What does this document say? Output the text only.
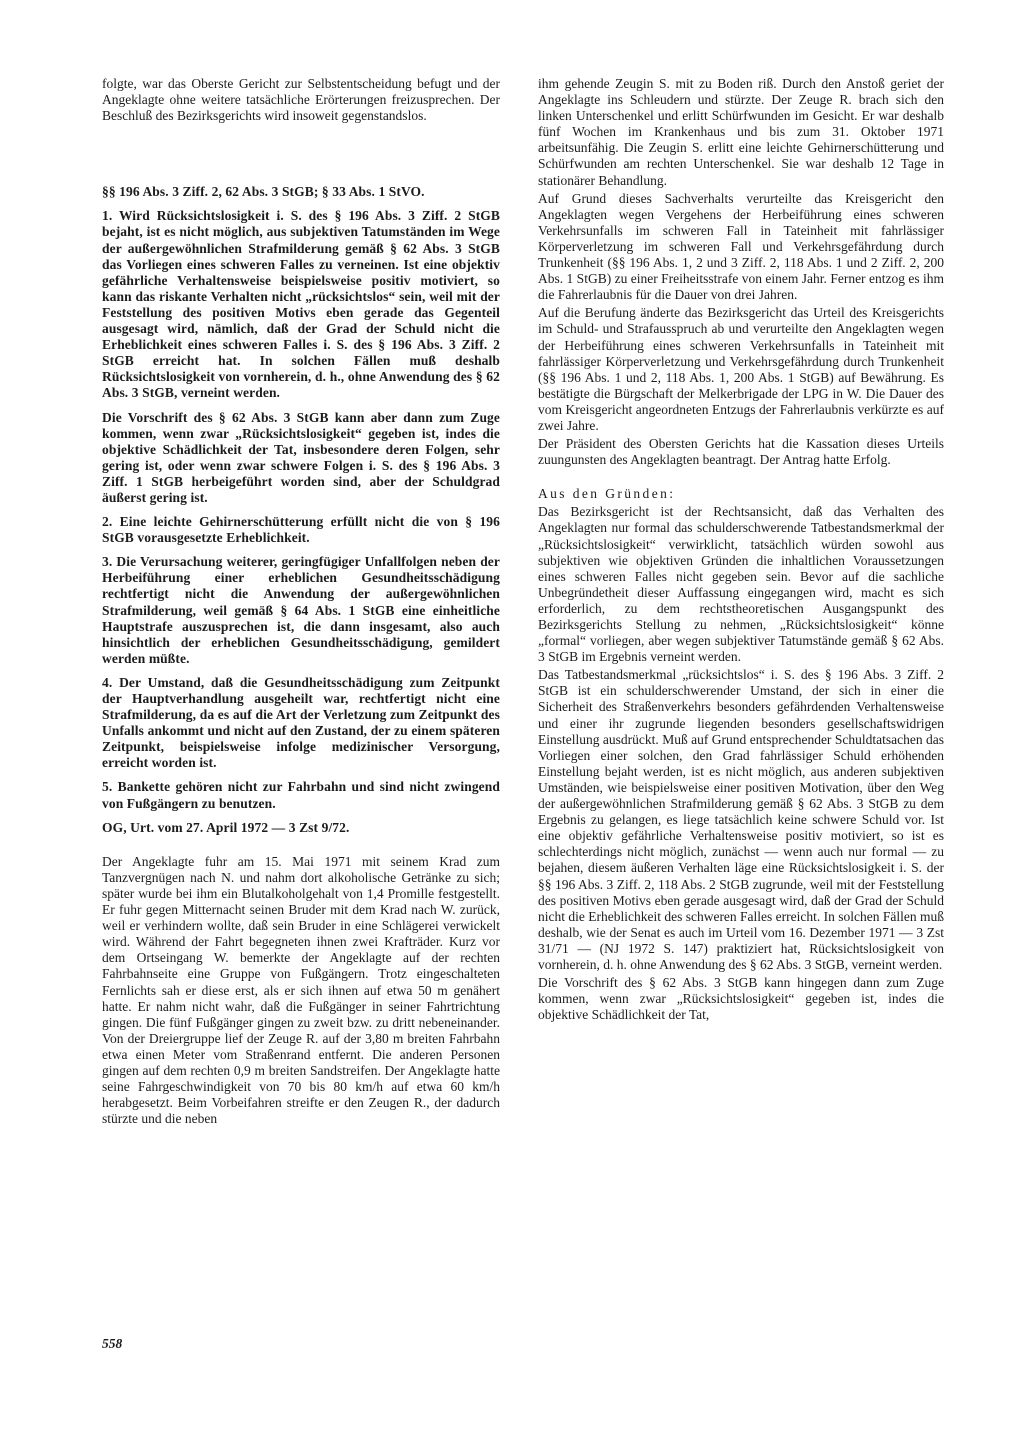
folgte, war das Oberste Gericht zur Selbstentscheidung befugt und der Angeklagte ohne weitere tatsächliche Erörterungen freizusprechen. Der Beschluß des Bezirksgerichts wird insoweit gegenstandslos.

§§ 196 Abs. 3 Ziff. 2, 62 Abs. 3 StGB; § 33 Abs. 1 StVO.

1. Wird Rücksichtslosigkeit i. S. des § 196 Abs. 3 Ziff. 2 StGB bejaht, ist es nicht möglich, aus subjektiven Tatumständen im Wege der außergewöhnlichen Strafmilderung gemäß § 62 Abs. 3 StGB das Vorliegen eines schweren Falles zu verneinen. Ist eine objektiv gefährliche Verhaltensweise beispielsweise positiv motiviert, so kann das riskante Verhalten nicht „rücksichtslos“ sein, weil mit der Feststellung des positiven Motivs eben gerade das Gegenteil ausgesagt wird, nämlich, daß der Grad der Schuld nicht die Erheblichkeit eines schweren Falles i. S. des § 196 Abs. 3 Ziff. 2 StGB erreicht hat. In solchen Fällen muß deshalb Rücksichtslosigkeit von vornherein, d. h., ohne Anwendung des § 62 Abs. 3 StGB, verneint werden.

Die Vorschrift des § 62 Abs. 3 StGB kann aber dann zum Zuge kommen, wenn zwar „Rücksichtslosigkeit“ gegeben ist, indes die objektive Schädlichkeit der Tat, insbesondere deren Folgen, sehr gering ist, oder wenn zwar schwere Folgen i. S. des § 196 Abs. 3 Ziff. 1 StGB herbeigeführt worden sind, aber der Schuldgrad äußerst gering ist.

2. Eine leichte Gehirnerschütterung erfüllt nicht die von § 196 StGB vorausgesetzte Erheblichkeit.

3. Die Verursachung weiterer, geringfügiger Unfallfolgen neben der Herbeiführung einer erheblichen Gesundheitsschädigung rechtfertigt nicht die Anwendung der außergewöhnlichen Strafmilderung, weil gemäß § 64 Abs. 1 StGB eine einheitliche Hauptstrafe auszusprechen ist, die dann insgesamt, also auch hinsichtlich der erheblichen Gesundheitsschädigung, gemildert werden müßte.

4. Der Umstand, daß die Gesundheitsschädigung zum Zeitpunkt der Hauptverhandlung ausgeheilt war, rechtfertigt nicht eine Strafmilderung, da es auf die Art der Verletzung zum Zeitpunkt des Unfalls ankommt und nicht auf den Zustand, der zu einem späteren Zeitpunkt, beispielsweise infolge medizinischer Versorgung, erreicht worden ist.

5. Bankette gehören nicht zur Fahrbahn und sind nicht zwingend von Fußgängern zu benutzen.

OG, Urt. vom 27. April 1972 — 3 Zst 9/72.

Der Angeklagte fuhr am 15. Mai 1971 mit seinem Krad zum Tanzvergnügen nach N. und nahm dort alkoholische Getränke zu sich; später wurde bei ihm ein Blutalkoholgehalt von 1,4 Promille festgestellt. Er fuhr gegen Mitternacht seinen Bruder mit dem Krad nach W. zurück, weil er verhindern wollte, daß sein Bruder in eine Schlägerei verwickelt wird. Während der Fahrt begegneten ihnen zwei Krafträder. Kurz vor dem Ortseingang W. bemerkte der Angeklagte auf der rechten Fahrbahnseite eine Gruppe von Fußgängern. Trotz eingeschalteten Fernlichts sah er diese erst, als er sich ihnen auf etwa 50 m genähert hatte. Er nahm nicht wahr, daß die Fußgänger in seiner Fahrtrichtung gingen. Die fünf Fußgänger gingen zu zweit bzw. zu dritt nebeneinander. Von der Dreiergruppe lief der Zeuge R. auf der 3,80 m breiten Fahrbahn etwa einen Meter vom Straßenrand entfernt. Die anderen Personen gingen auf dem rechten 0,9 m breiten Sandstreifen. Der Angeklagte hatte seine Fahrgeschwindigkeit von 70 bis 80 km/h auf etwa 60 km/h herabgesetzt. Beim Vorbeifahren streifte er den Zeugen R., der dadurch stürzte und die neben

ihm gehende Zeugin S. mit zu Boden riß. Durch den Anstoß geriet der Angeklagte ins Schleudern und stürzte. Der Zeuge R. brach sich den linken Unterschenkel und erlitt Schürfwunden im Gesicht. Er war deshalb fünf Wochen im Krankenhaus und bis zum 31. Oktober 1971 arbeitsunfähig. Die Zeugin S. erlitt eine leichte Gehirnerschütterung und Schürfwunden am rechten Unterschenkel. Sie war deshalb 12 Tage in stationärer Behandlung.

Auf Grund dieses Sachverhalts verurteilte das Kreisgericht den Angeklagten wegen Vergehens der Herbeiführung eines schweren Verkehrsunfalls im schweren Fall in Tateinheit mit fahrlässiger Körperverletzung im schweren Fall und Verkehrsgefährdung durch Trunkenheit (§§ 196 Abs. 1, 2 und 3 Ziff. 2, 118 Abs. 1 und 2 Ziff. 2, 200 Abs. 1 StGB) zu einer Freiheitsstrafe von einem Jahr. Ferner entzog es ihm die Fahrerlaubnis für die Dauer von drei Jahren.

Auf die Berufung änderte das Bezirksgericht das Urteil des Kreisgerichts im Schuld- und Strafausspruch ab und verurteilte den Angeklagten wegen der Herbeiführung eines schweren Verkehrsunfalls in Tateinheit mit fahrlässiger Körperverletzung und Verkehrsgefährdung durch Trunkenheit (§§ 196 Abs. 1 und 2, 118 Abs. 1, 200 Abs. 1 StGB) auf Bewährung. Es bestätigte die Bürgschaft der Melkerbrigade der LPG in W. Die Dauer des vom Kreisgericht angeordneten Entzugs der Fahrerlaubnis verkürzte es auf zwei Jahre.

Der Präsident des Obersten Gerichts hat die Kassation dieses Urteils zuungunsten des Angeklagten beantragt. Der Antrag hatte Erfolg.

Aus den Gründen:

Das Bezirksgericht ist der Rechtsansicht, daß das Verhalten des Angeklagten nur formal das schulderschwerende Tatbestandsmerkmal der „Rücksichtslosigkeit“ verwirklicht, tatsächlich würden sowohl aus subjektiven wie objektiven Gründen die inhaltlichen Voraussetzungen eines schweren Falles nicht gegeben sein. Bevor auf die sachliche Unbegründetheit dieser Auffassung eingegangen wird, macht es sich erforderlich, zu dem rechtstheoretischen Ausgangspunkt des Bezirksgerichts Stellung zu nehmen, „Rücksichtslosigkeit“ könne „formal“ vorliegen, aber wegen subjektiver Tatumstände gemäß § 62 Abs. 3 StGB im Ergebnis verneint werden.

Das Tatbestandsmerkmal „rücksichtslos“ i. S. des § 196 Abs. 3 Ziff. 2 StGB ist ein schulderschwerender Umstand, der sich in einer die Sicherheit des Straßenverkehrs besonders gefährdenden Verhaltensweise und einer ihr zugrunde liegenden besonders gesellschaftswidrigen Einstellung ausdrückt. Muß auf Grund entsprechender Schuldtatsachen das Vorliegen einer solchen, den Grad fahrlässiger Schuld erhöhenden Einstellung bejaht werden, ist es nicht möglich, aus anderen subjektiven Umständen, wie beispielsweise einer positiven Motivation, über den Weg der außergewöhnlichen Strafmilderung gemäß § 62 Abs. 3 StGB zu dem Ergebnis zu gelangen, es liege tatsächlich keine schwere Schuld vor. Ist eine objektiv gefährliche Verhaltensweise positiv motiviert, so ist es schlechterdings nicht möglich, zunächst — wenn auch nur formal — zu bejahen, diesem äußeren Verhalten läge eine Rücksichtslosigkeit i. S. der §§ 196 Abs. 3 Ziff. 2, 118 Abs. 2 StGB zugrunde, weil mit der Feststellung des positiven Motivs eben gerade ausgesagt wird, daß der Grad der Schuld nicht die Erheblichkeit des schweren Falles erreicht. In solchen Fällen muß deshalb, wie der Senat es auch im Urteil vom 16. Dezember 1971 — 3 Zst 31/71 — (NJ 1972 S. 147) praktiziert hat, Rücksichtslosigkeit von vornherein, d. h. ohne Anwendung des § 62 Abs. 3 StGB, verneint werden.

Die Vorschrift des § 62 Abs. 3 StGB kann hingegen dann zum Zuge kommen, wenn zwar „Rücksichtslosigkeit“ gegeben ist, indes die objektive Schädlichkeit der Tat,

558
